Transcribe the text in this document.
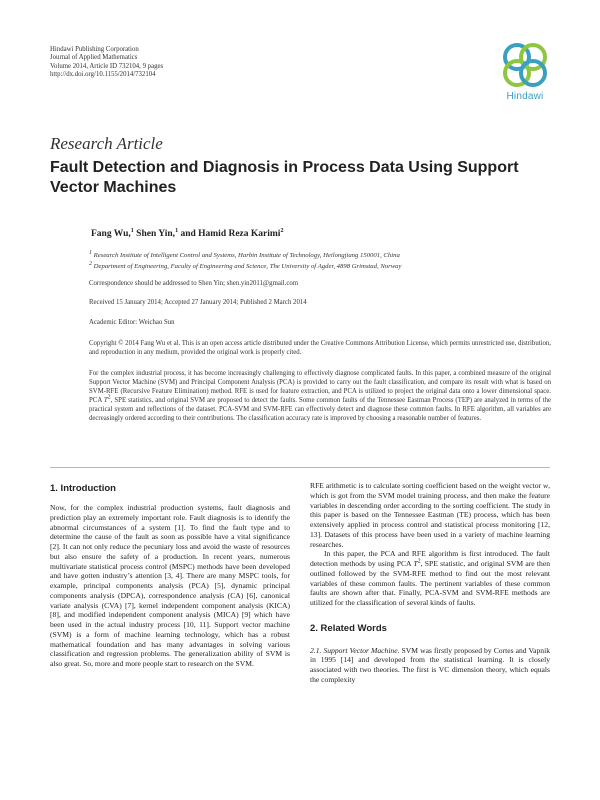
Hindawi Publishing Corporation
Journal of Applied Mathematics
Volume 2014, Article ID 732104, 9 pages
http://dx.doi.org/10.1155/2014/732104
Hindawi
Research Article
Fault Detection and Diagnosis in Process Data Using Support Vector Machines
Fang Wu,$^1$ Shen Yin,$^1$ and Hamid Reza Karimi$^2$
$^1$ Research Institute of Intelligent Control and Systems, Harbin Institute of Technology, Heilongjiang 150001, China
$^2$ Department of Engineering, Faculty of Engineering and Science, The University of Agder, 4898 Grimstad, Norway
Correspondence should be addressed to Shen Yin; shen.yin2011@gmail.com
Received 15 January 2014; Accepted 27 January 2014; Published 2 March 2014
Academic Editor: Weichao Sun
Copyright © 2014 Fang Wu et al. This is an open access article distributed under the Creative Commons Attribution License, which permits unrestricted use, distribution, and reproduction in any medium, provided the original work is properly cited.
For the complex industrial process, it has become increasingly challenging to effectively diagnose complicated faults. In this paper, a combined measure of the original Support Vector Machine (SVM) and Principal Component Analysis (PCA) is provided to carry out the fault classification, and compare its result with what is based on SVM-RFE (Recursive Feature Elimination) method. RFE is used for feature extraction, and PCA is utilized to project the original data onto a lower dimensional space. PCA $T^2$, SPE statistics, and original SVM are proposed to detect the faults. Some common faults of the Tennessee Eastman Process (TEP) are analyzed in terms of the practical system and reflections of the dataset. PCA-SVM and SVM-RFE can effectively detect and diagnose these common faults. In RFE algorithm, all variables are decreasingly ordered according to their contributions. The classification accuracy rate is improved by choosing a reasonable number of features.
1. Introduction

Now, for the complex industrial production systems, fault diagnosis and prediction play an extremely important role. Fault diagnosis is to identify the abnormal circumstances of a system [1]. To find the fault type and to determine the cause of the fault as soon as possible have a vital significance [2]. It can not only reduce the pecuniary loss and avoid the waste of resources but also ensure the safety of a production. In recent years, numerous multivariate statistical process control (MSPC) methods have been developed and have gotten industry’s attention [3, 4]. There are many MSPC tools, for example, principal components analysis (PCA) [5], dynamic principal components analysis (DPCA), correspondence analysis (CA) [6], canonical variate analysis (CVA) [7], kernel independent component analysis (KICA) [8], and modified independent component analysis (MICA) [9] which have been used in the actual industry process [10, 11]. Support vector machine (SVM) is a form of machine learning technology, which has a robust mathematical foundation and has many advantages in solving various classification and regression problems. The generalization ability of SVM is also great. So, more and more people start to research on the SVM.

RFE arithmetic is to calculate sorting coefficient based on the weight vector w, which is got from the SVM model training process, and then make the feature variables in descending order according to the sorting coefficient. The study in this paper is based on the Tennessee Eastman (TE) process, which has been extensively applied in process control and statistical process monitoring [12, 13]. Datasets of this process have been used in a variety of machine learning researches.

In this paper, the PCA and RFE algorithm is first introduced. The fault detection methods by using PCA $T^2$, SPE statistic, and original SVM are then outlined followed by the SVM-RFE method to find out the most relevant variables of these common faults. The pertinent variables of these common faults are shown after that. Finally, PCA-SVM and SVM-RFE methods are utilized for the classification of several kinds of faults.

2. Related Words

2.1. Support Vector Machine. SVM was firstly proposed by Cortes and Vapnik in 1995 [14] and developed from the statistical learning. It is closely associated with two theories. The first is VC dimension theory, which equals the complexity
